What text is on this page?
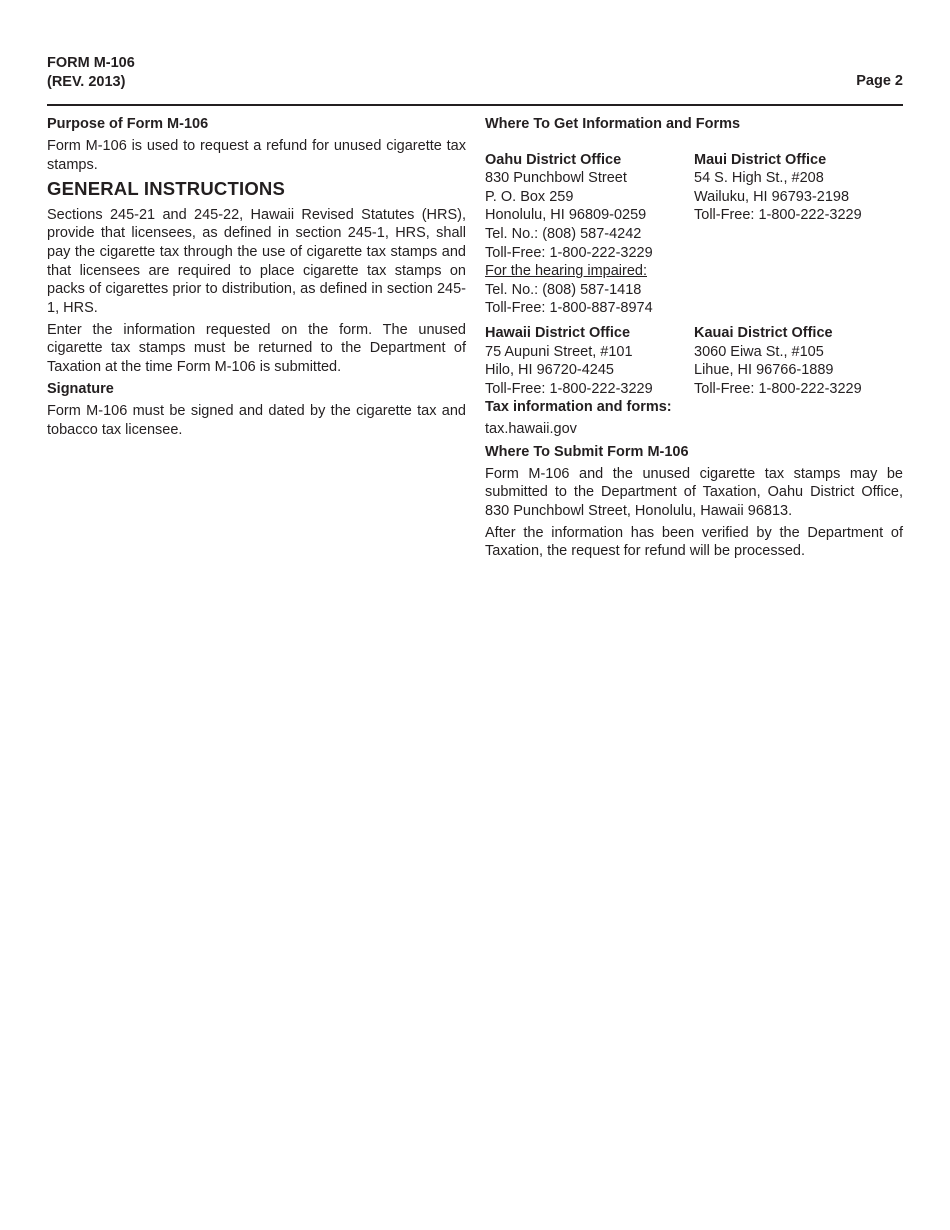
FORM M-106
(REV. 2013)	Page 2

Purpose of Form M-106

Form M-106 is used to request a refund for unused cigarette tax stamps.

GENERAL INSTRUCTIONS

Sections 245-21 and 245-22, Hawaii Revised Statutes (HRS), provide that licensees, as defined in section 245-1, HRS, shall pay the cigarette tax through the use of cigarette tax stamps and that licensees are required to place cigarette tax stamps on packs of cigarettes prior to distribution, as defined in section 245-1, HRS.

Enter the information requested on the form. The unused cigarette tax stamps must be returned to the Department of Taxation at the time Form M-106 is submitted.

Signature

Form M-106 must be signed and dated by the cigarette tax and tobacco tax licensee.

Where To Get Information and Forms

Oahu District Office
830 Punchbowl Street
P. O. Box 259
Honolulu, HI 96809-0259
Tel. No.: (808) 587-4242
Toll-Free: 1-800-222-3229
For the hearing impaired:
Tel. No.: (808) 587-1418
Toll-Free: 1-800-887-8974
Maui District Office
54 S. High St., #208
Wailuku, HI 96793-2198
Toll-Free: 1-800-222-3229
Hawaii District Office
75 Aupuni Street, #101
Hilo, HI 96720-4245
Toll-Free: 1-800-222-3229
Kauai District Office
3060 Eiwa St., #105
Lihue, HI 96766-1889
Toll-Free: 1-800-222-3229

Tax information and forms:

tax.hawaii.gov

Where To Submit Form M-106

Form M-106 and the unused cigarette tax stamps may be submitted to the Department of Taxation, Oahu District Office, 830 Punchbowl Street, Honolulu, Hawaii 96813.

After the information has been verified by the Department of Taxation, the request for refund will be processed.
